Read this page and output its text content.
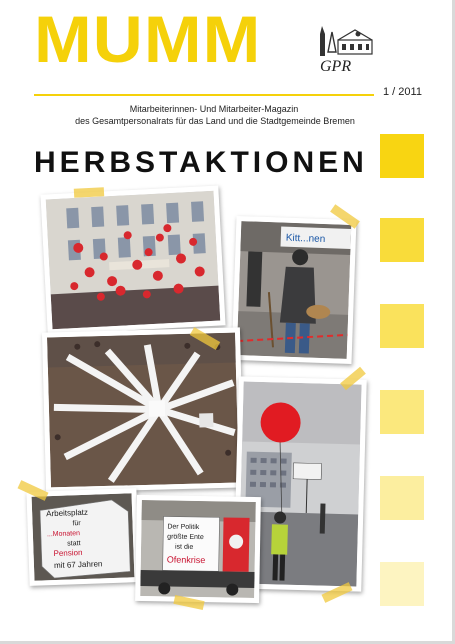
MUMM	GPR
1 / 2011
Mitarbeiterinnen- Und Mitarbeiter-Magazin
des Gesamtpersonalrats für das Land und die Stadtgemeinde Bremen
HERBSTAKTIONEN
Kitt...nen
Arbeitsplatz
für
...Monaten
statt
Pension
mit 67 Jahren
Der Politik
größte Ente
ist die
Ofenkrise
